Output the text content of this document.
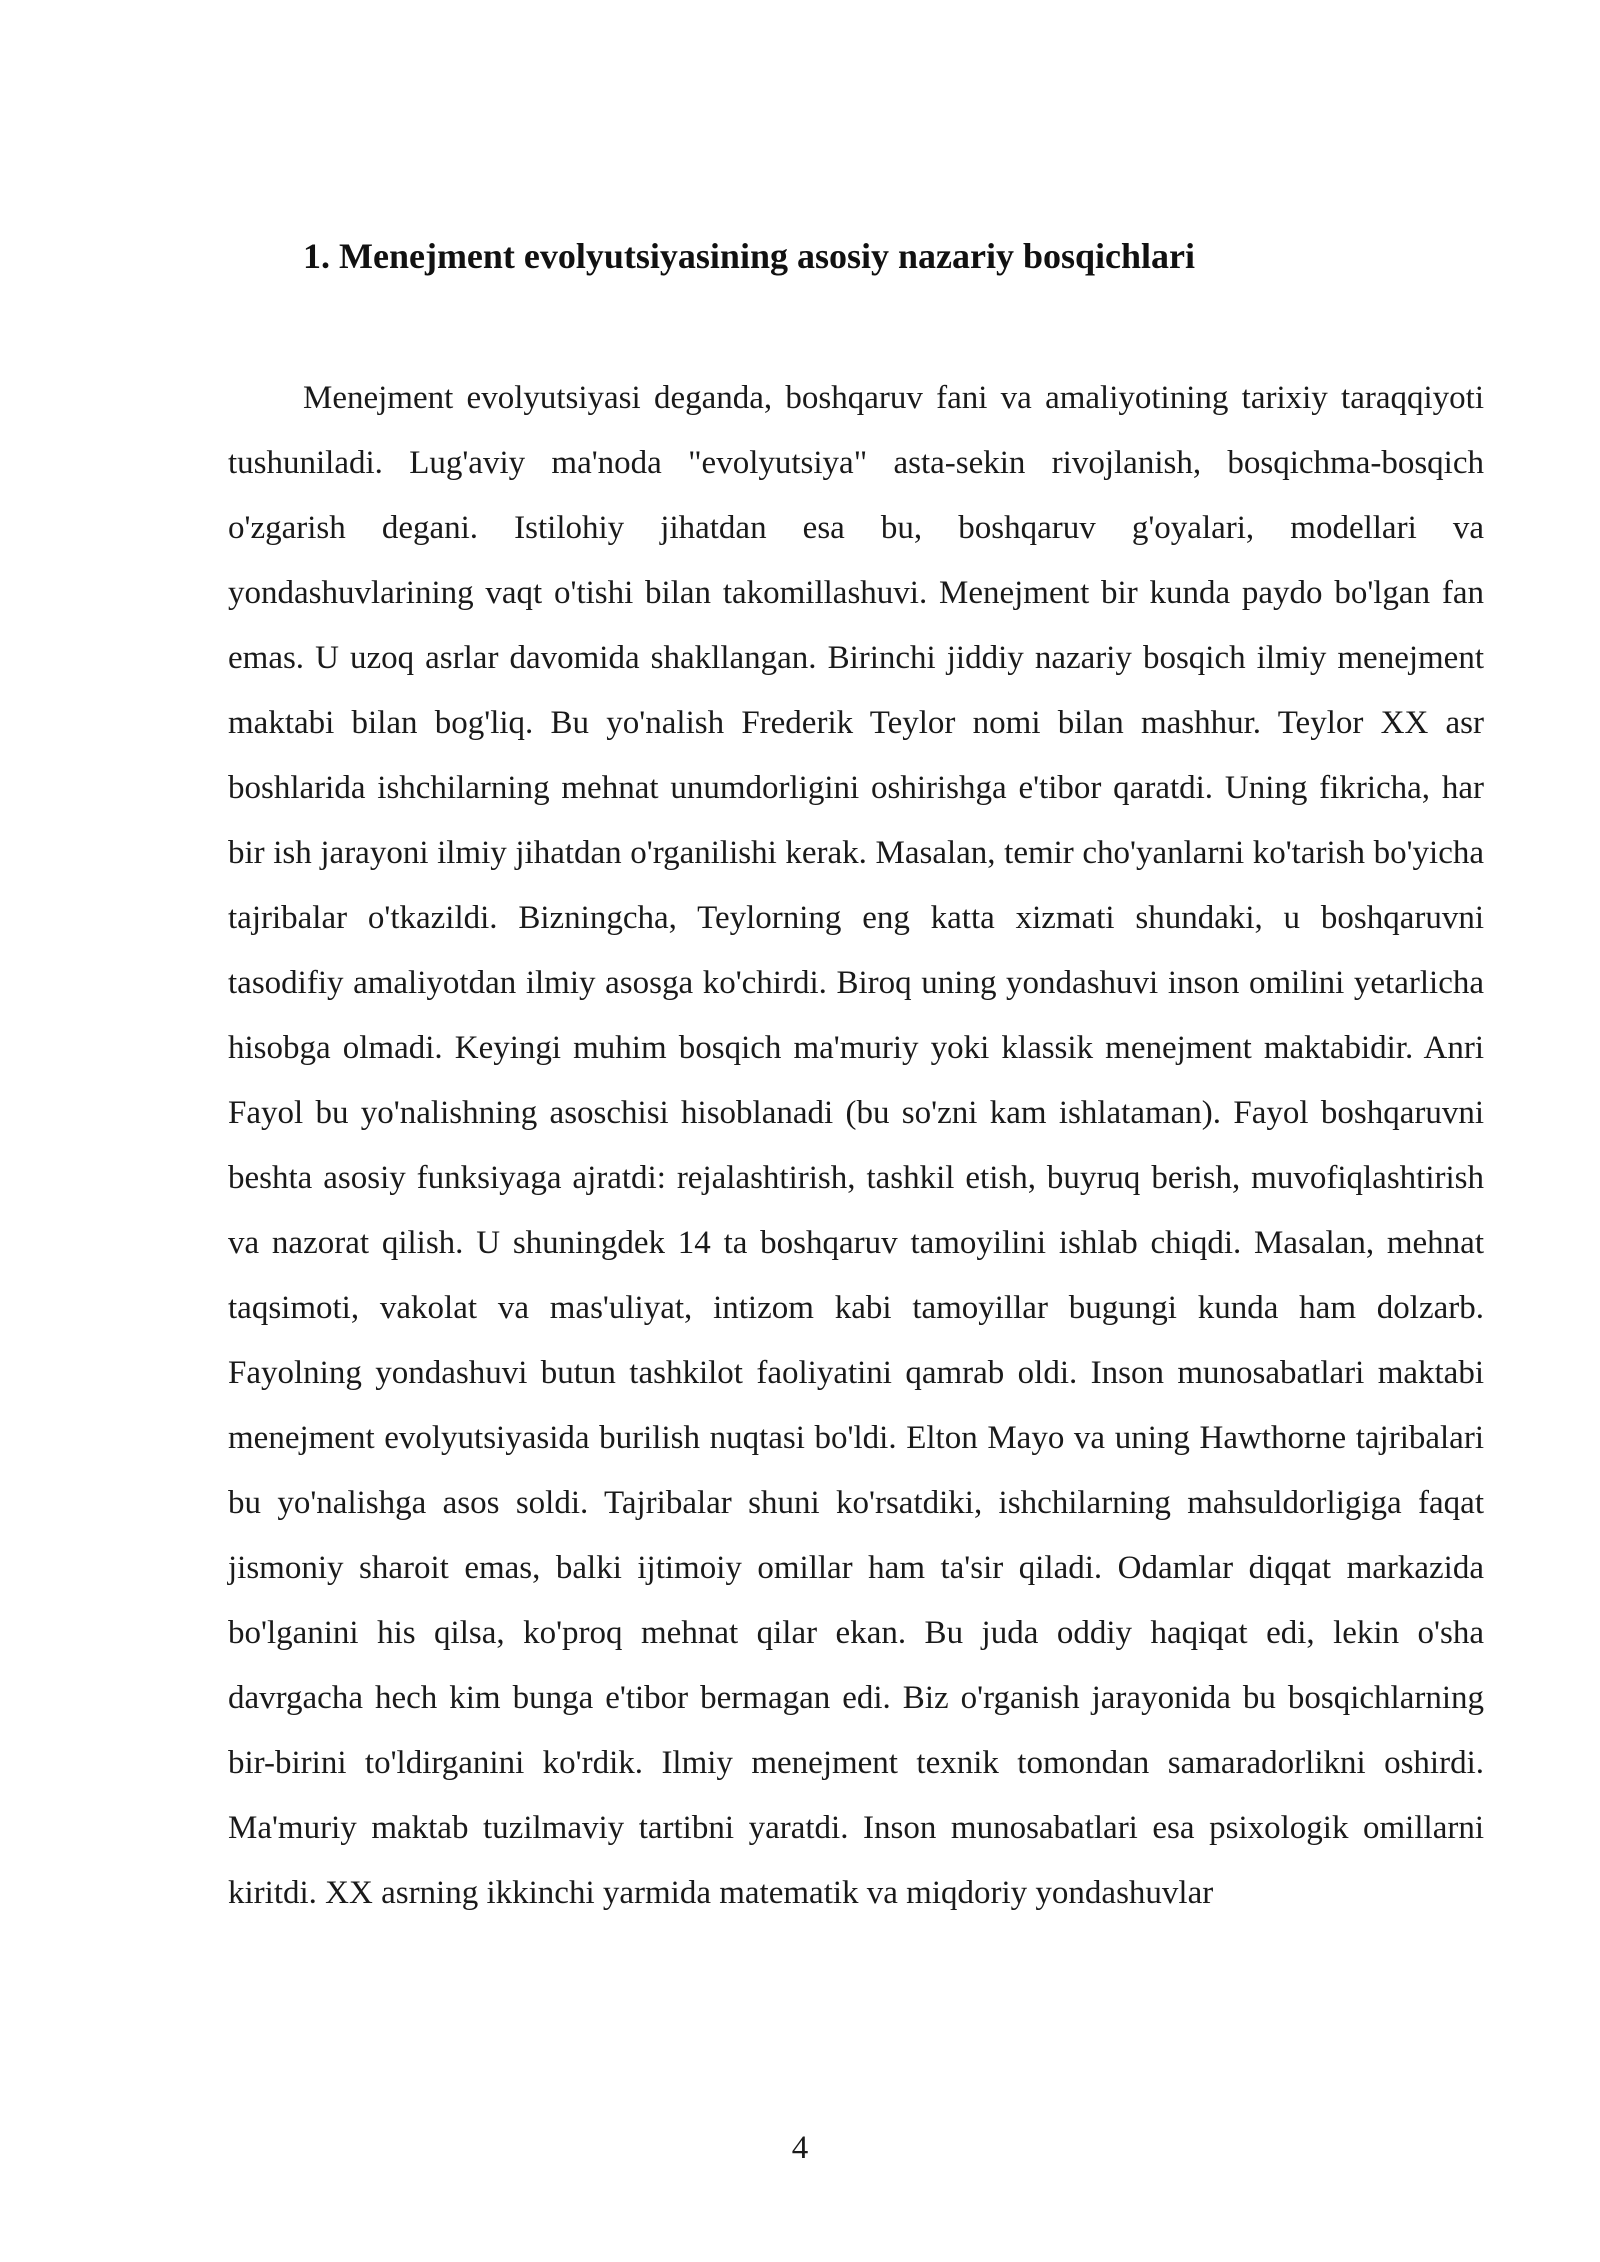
1. Menejment evolyutsiyasining asosiy nazariy bosqichlari

Menejment evolyutsiyasi deganda, boshqaruv fani va amaliyotining tarixiy taraqqiyoti tushuniladi. Lug'aviy ma'noda "evolyutsiya" asta-sekin rivojlanish, bosqichma-bosqich o'zgarish degani. Istilohiy jihatdan esa bu, boshqaruv g'oyalari, modellari va yondashuvlarining vaqt o'tishi bilan takomillashuvi. Menejment bir kunda paydo bo'lgan fan emas. U uzoq asrlar davomida shakllangan. Birinchi jiddiy nazariy bosqich ilmiy menejment maktabi bilan bog'liq. Bu yo'nalish Frederik Teylor nomi bilan mashhur. Teylor XX asr boshlarida ishchilarning mehnat unumdorligini oshirishga e'tibor qaratdi. Uning fikricha, har bir ish jarayoni ilmiy jihatdan o'rganilishi kerak. Masalan, temir cho'yanlarni ko'tarish bo'yicha tajribalar o'tkazildi. Bizningcha, Teylorning eng katta xizmati shundaki, u boshqaruvni tasodifiy amaliyotdan ilmiy asosga ko'chirdi. Biroq uning yondashuvi inson omilini yetarlicha hisobga olmadi. Keyingi muhim bosqich ma'muriy yoki klassik menejment maktabidir. Anri Fayol bu yo'nalishning asoschisi hisoblanadi (bu so'zni kam ishlataman). Fayol boshqaruvni beshta asosiy funksiyaga ajratdi: rejalashtirish, tashkil etish, buyruq berish, muvofiqlashtirish va nazorat qilish. U shuningdek 14 ta boshqaruv tamoyilini ishlab chiqdi. Masalan, mehnat taqsimoti, vakolat va mas'uliyat, intizom kabi tamoyillar bugungi kunda ham dolzarb. Fayolning yondashuvi butun tashkilot faoliyatini qamrab oldi. Inson munosabatlari maktabi menejment evolyutsiyasida burilish nuqtasi bo'ldi. Elton Mayo va uning Hawthorne tajribalari bu yo'nalishga asos soldi. Tajribalar shuni ko'rsatdiki, ishchilarning mahsuldorligiga faqat jismoniy sharoit emas, balki ijtimoiy omillar ham ta'sir qiladi. Odamlar diqqat markazida bo'lganini his qilsa, ko'proq mehnat qilar ekan. Bu juda oddiy haqiqat edi, lekin o'sha davrgacha hech kim bunga e'tibor bermagan edi. Biz o'rganish jarayonida bu bosqichlarning bir-birini to'ldirganini ko'rdik. Ilmiy menejment texnik tomondan samaradorlikni oshirdi. Ma'muriy maktab tuzilmaviy tartibni yaratdi. Inson munosabatlari esa psixologik omillarni kiritdi. XX asrning ikkinchi yarmida matematik va miqdoriy yondashuvlar

4
